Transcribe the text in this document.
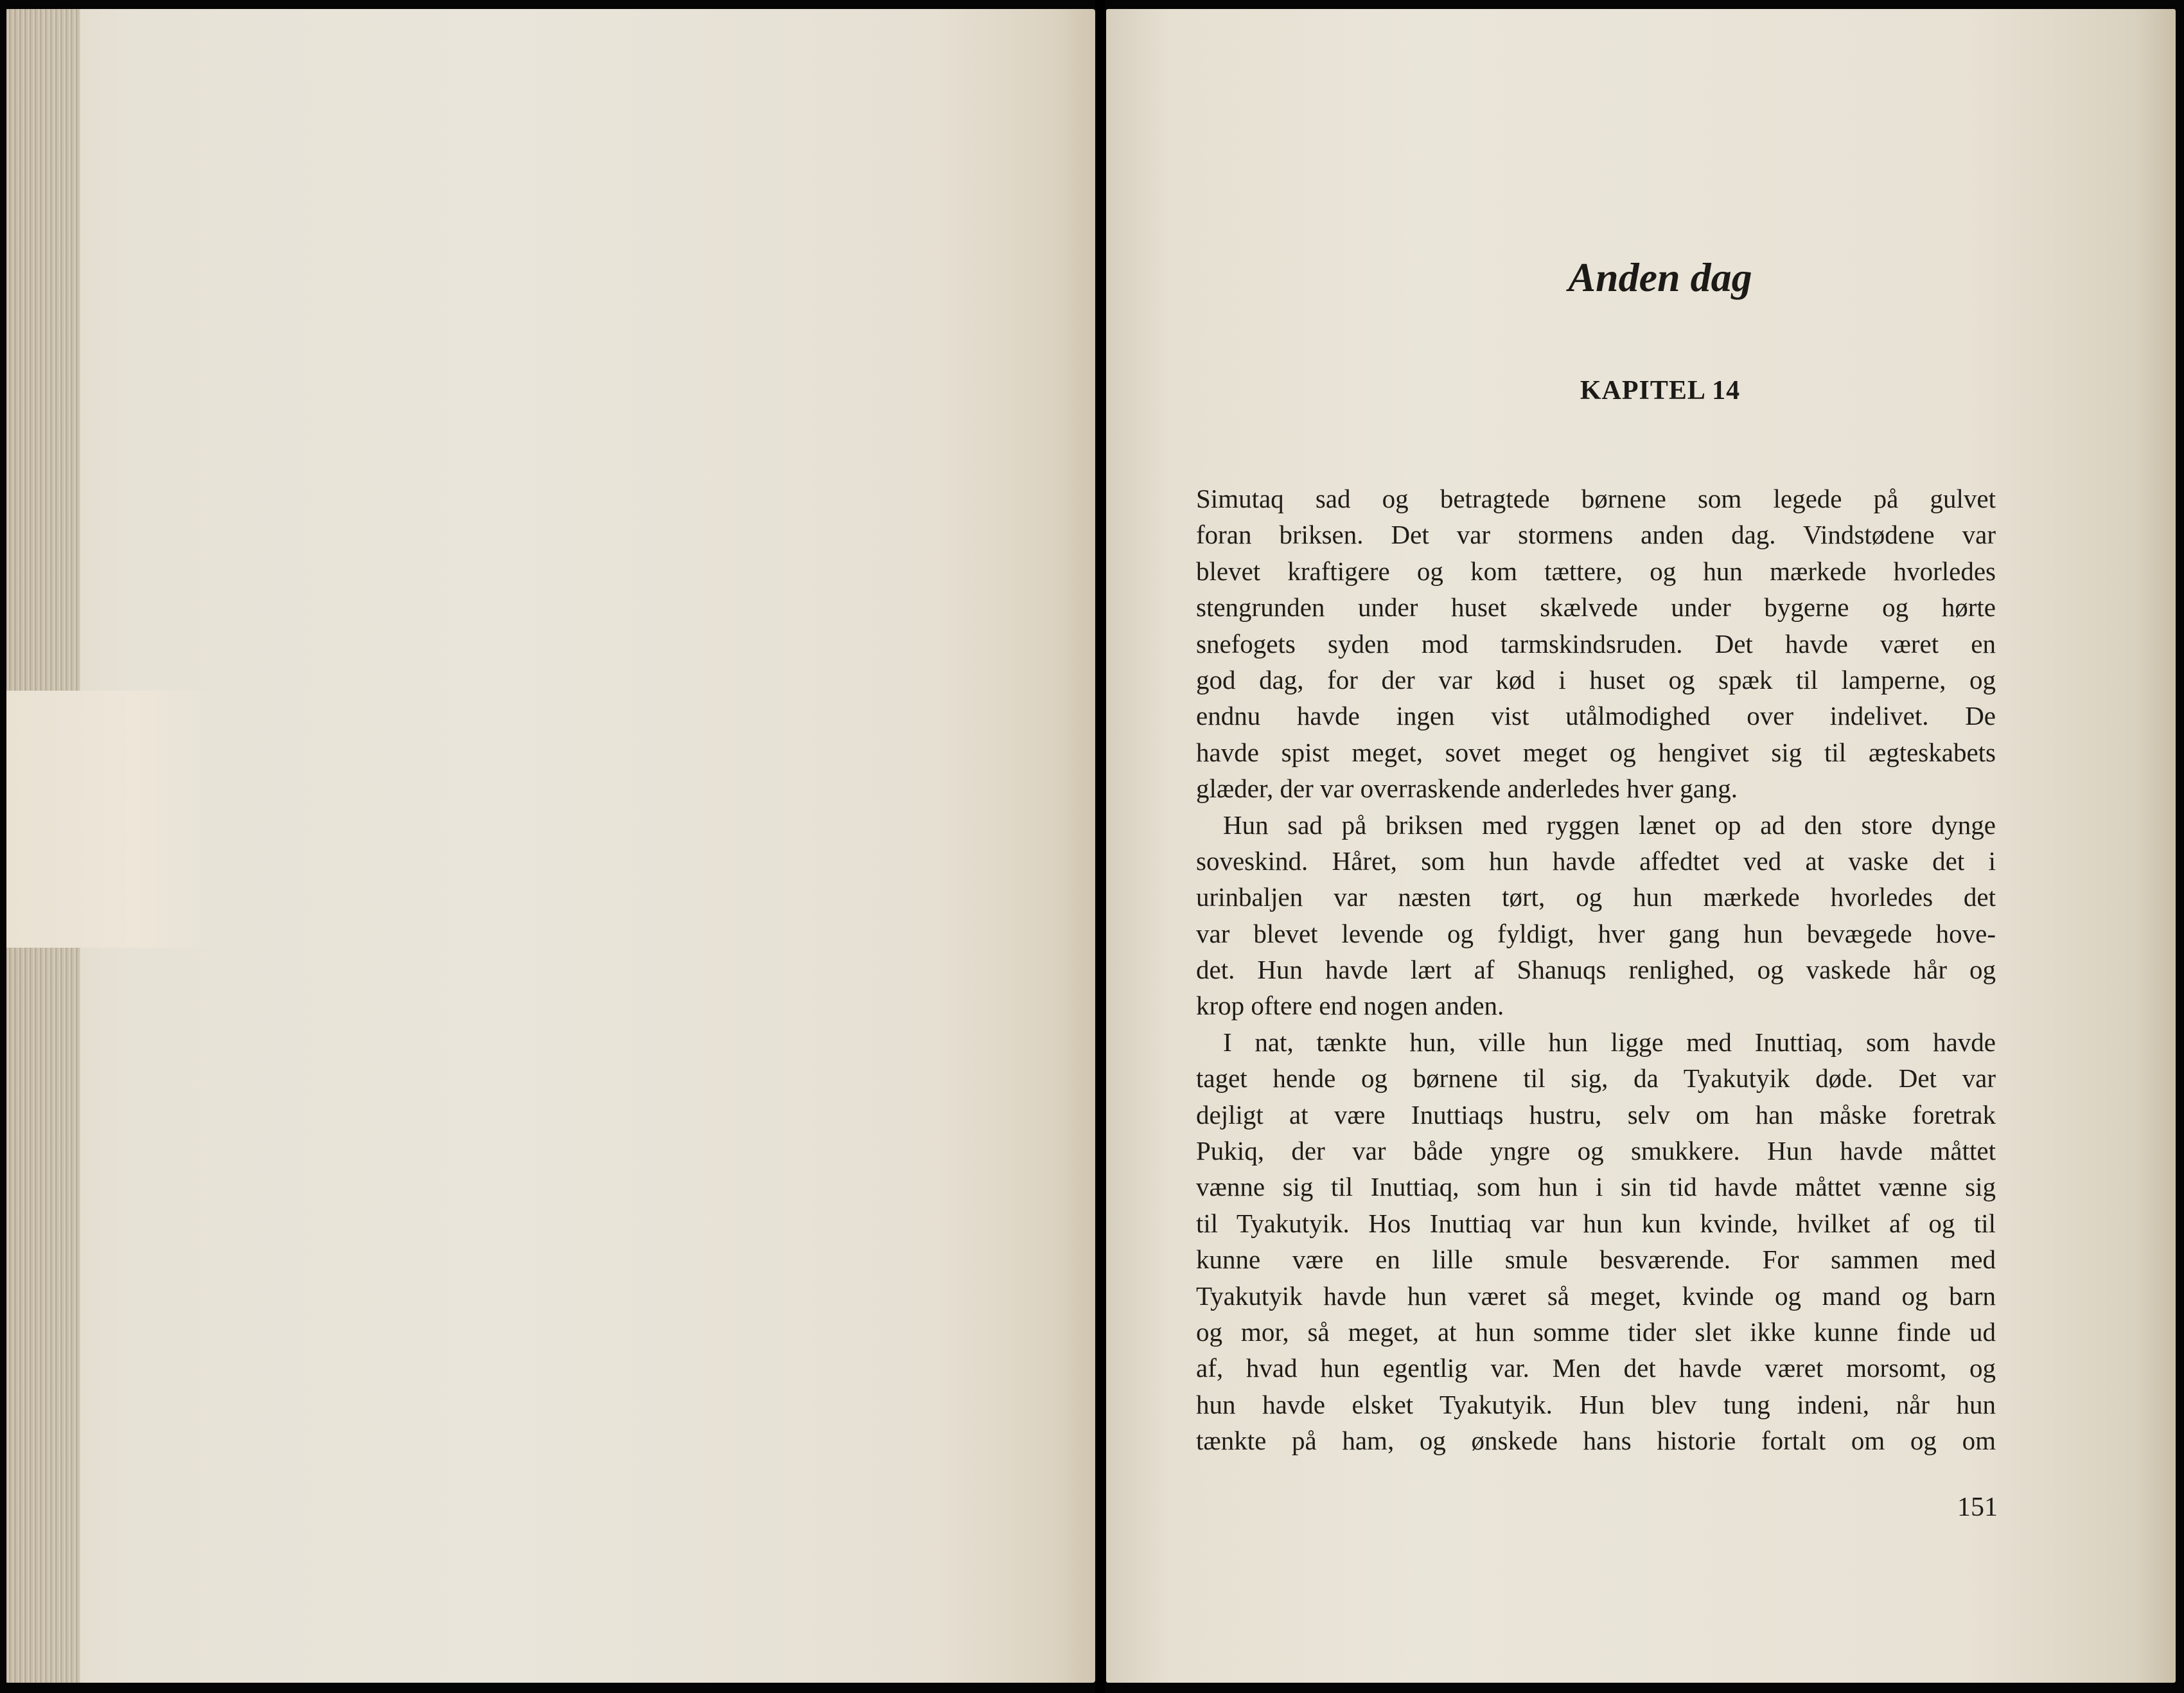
Anden dag
KAPITEL 14

Simutaq sad og betragtede børnene som legede på gulvet
foran briksen. Det var stormens anden dag. Vindstødene var
blevet kraftigere og kom tættere, og hun mærkede hvorledes
stengrunden under huset skælvede under bygerne og hørte
snefogets syden mod tarmskindsruden. Det havde været en
god dag, for der var kød i huset og spæk til lamperne, og
endnu havde ingen vist utålmodighed over indelivet. De
havde spist meget, sovet meget og hengivet sig til ægteskabets
glæder, der var overraskende anderledes hver gang.

Hun sad på briksen med ryggen lænet op ad den store dynge
soveskind. Håret, som hun havde affedtet ved at vaske det i
urinbaljen var næsten tørt, og hun mærkede hvorledes det
var blevet levende og fyldigt, hver gang hun bevægede hove-
det. Hun havde lært af Shanuqs renlighed, og vaskede hår og
krop oftere end nogen anden.

I nat, tænkte hun, ville hun ligge med Inuttiaq, som havde
taget hende og børnene til sig, da Tyakutyik døde. Det var
dejligt at være Inuttiaqs hustru, selv om han måske foretrak
Pukiq, der var både yngre og smukkere. Hun havde måttet
vænne sig til Inuttiaq, som hun i sin tid havde måttet vænne sig
til Tyakutyik. Hos Inuttiaq var hun kun kvinde, hvilket af og til
kunne være en lille smule besværende. For sammen med
Tyakutyik havde hun været så meget, kvinde og mand og barn
og mor, så meget, at hun somme tider slet ikke kunne finde ud
af, hvad hun egentlig var. Men det havde været morsomt, og
hun havde elsket Tyakutyik. Hun blev tung indeni, når hun
tænkte på ham, og ønskede hans historie fortalt om og om

151
